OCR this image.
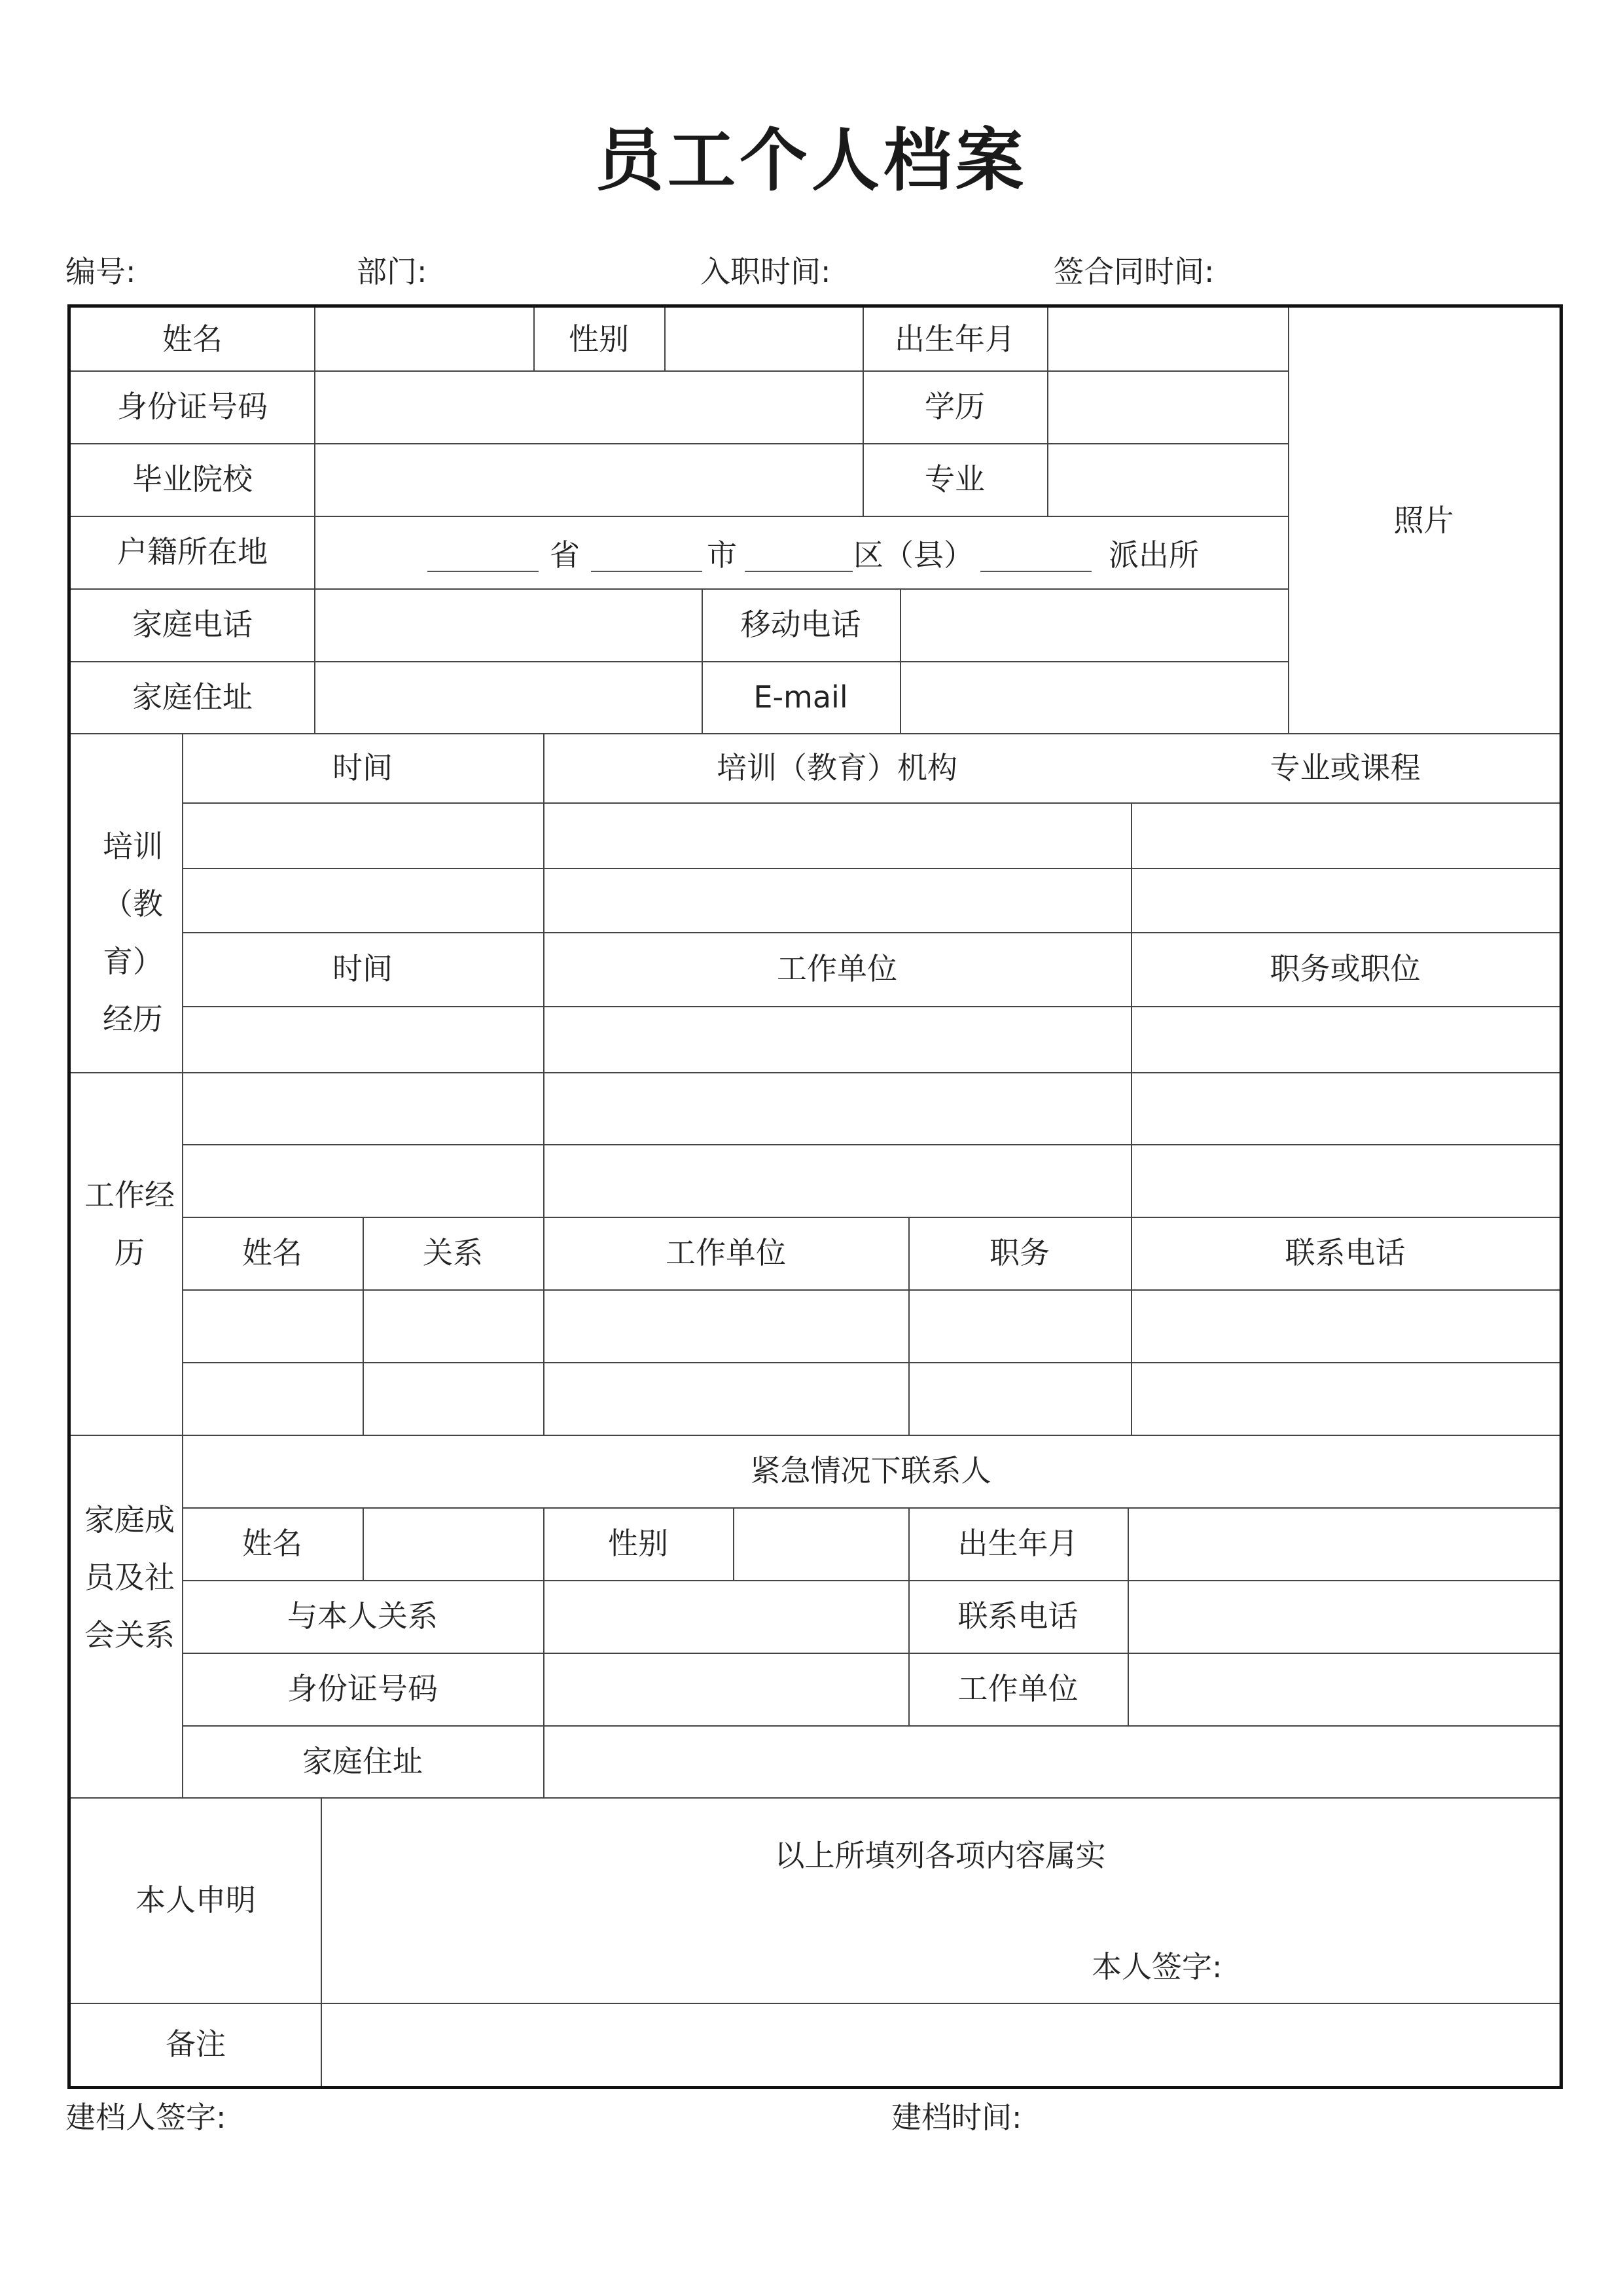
员工个人档案
编号:	部门:	入职时间:	签合同时间:
姓名	性别	出生年月
身份证号码	学历
毕业院校	专业
户籍所在地	省	市	区（县）	派出所
家庭电话	移动电话
家庭住址	E-mail
照片
培训（教育）经历
时间	培训（教育）机构	专业或课程
时间	工作单位	职务或职位
工作经历	姓名	关系	工作单位	职务	联系电话
家庭成员及社会关系
紧急情况下联系人
姓名	性别	出生年月
与本人关系	联系电话
身份证号码	工作单位
家庭住址
本人申明
以上所填列各项内容属实
本人签字:
备注
建档人签字:	建档时间:
